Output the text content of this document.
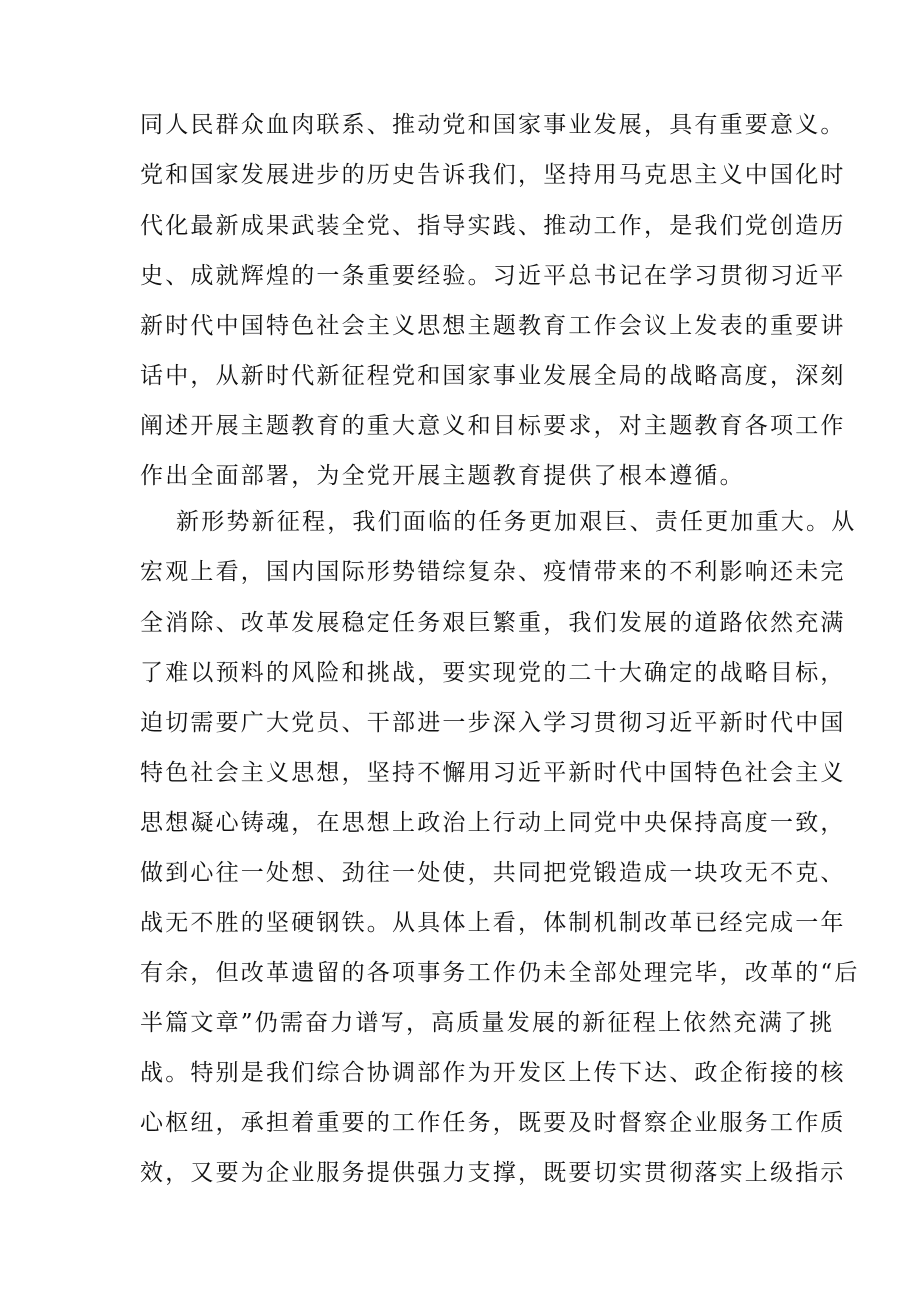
同人民群众血肉联系、推动党和国家事业发展，具有重要意义。
党和国家发展进步的历史告诉我们，坚持用马克思主义中国化时
代化最新成果武装全党、指导实践、推动工作，是我们党创造历
史、成就辉煌的一条重要经验。习近平总书记在学习贯彻习近平
新时代中国特色社会主义思想主题教育工作会议上发表的重要讲
话中，从新时代新征程党和国家事业发展全局的战略高度，深刻
阐述开展主题教育的重大意义和目标要求，对主题教育各项工作
作出全面部署，为全党开展主题教育提供了根本遵循。
新形势新征程，我们面临的任务更加艰巨、责任更加重大。从
宏观上看，国内国际形势错综复杂、疫情带来的不利影响还未完
全消除、改革发展稳定任务艰巨繁重，我们发展的道路依然充满
了难以预料的风险和挑战，要实现党的二十大确定的战略目标，
迫切需要广大党员、干部进一步深入学习贯彻习近平新时代中国
特色社会主义思想，坚持不懈用习近平新时代中国特色社会主义
思想凝心铸魂，在思想上政治上行动上同党中央保持高度一致，
做到心往一处想、劲往一处使，共同把党锻造成一块攻无不克、
战无不胜的坚硬钢铁。从具体上看，体制机制改革已经完成一年
有余，但改革遗留的各项事务工作仍未全部处理完毕，改革的“后
半篇文章”仍需奋力谱写，高质量发展的新征程上依然充满了挑
战。特别是我们综合协调部作为开发区上传下达、政企衔接的核
心枢纽，承担着重要的工作任务，既要及时督察企业服务工作质
效，又要为企业服务提供强力支撑，既要切实贯彻落实上级指示
